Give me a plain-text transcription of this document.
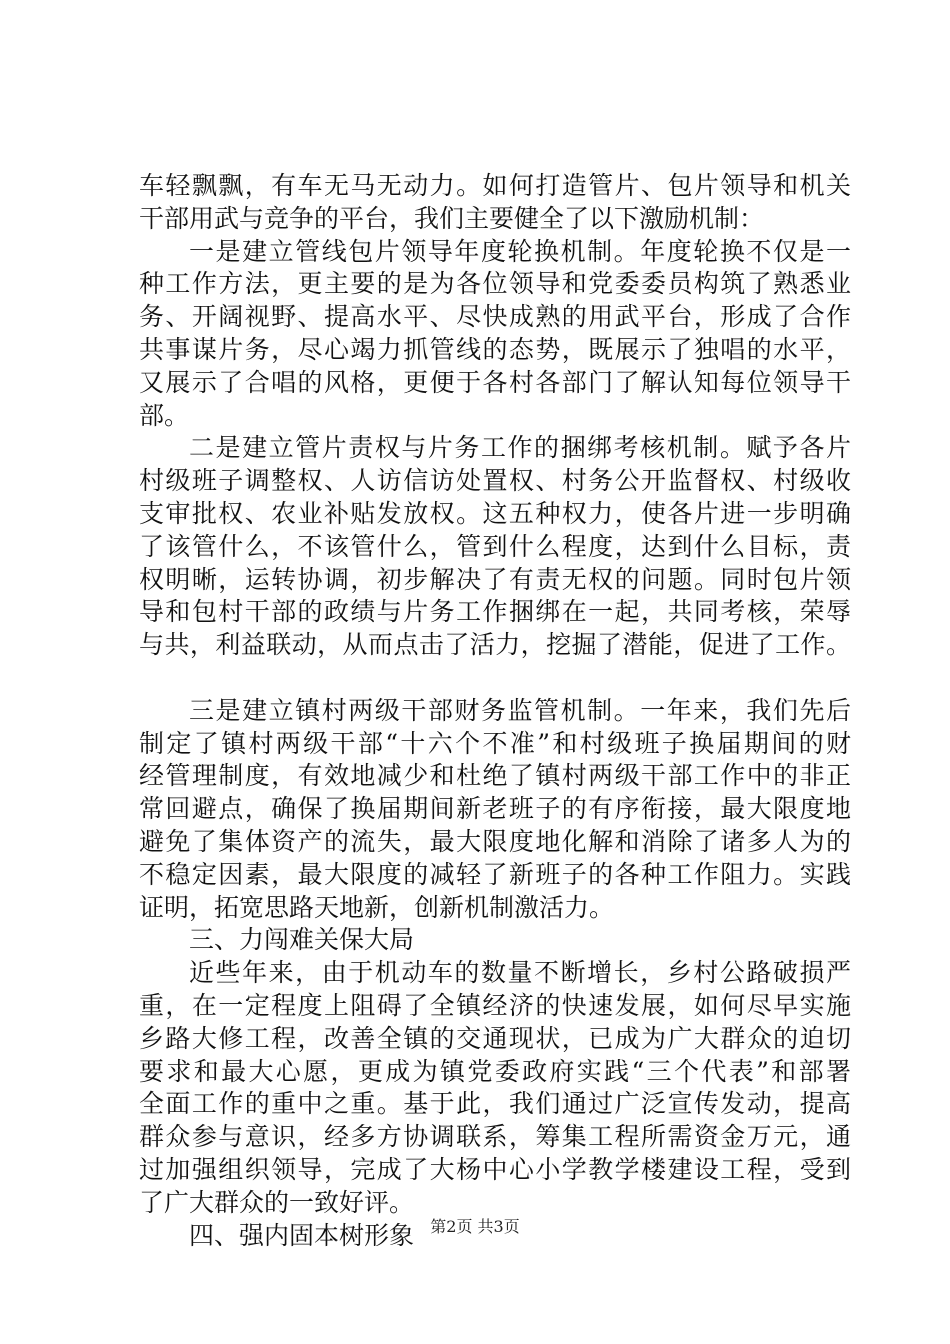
车轻飘飘，有车无马无动力。如何打造管片、包片领导和机关
干部用武与竞争的平台，我们主要健全了以下激励机制：
一是建立管线包片领导年度轮换机制。年度轮换不仅是一
种工作方法，更主要的是为各位领导和党委委员构筑了熟悉业
务、开阔视野、提高水平、尽快成熟的用武平台，形成了合作
共事谋片务，尽心竭力抓管线的态势，既展示了独唱的水平，
又展示了合唱的风格，更便于各村各部门了解认知每位领导干
部。
二是建立管片责权与片务工作的捆绑考核机制。赋予各片
村级班子调整权、人访信访处置权、村务公开监督权、村级收
支审批权、农业补贴发放权。这五种权力，使各片进一步明确
了该管什么，不该管什么，管到什么程度，达到什么目标，责
权明晰，运转协调，初步解决了有责无权的问题。同时包片领
导和包村干部的政绩与片务工作捆绑在一起，共同考核，荣辱
与共，利益联动，从而点击了活力，挖掘了潜能，促进了工作。
三是建立镇村两级干部财务监管机制。一年来，我们先后
制定了镇村两级干部“十六个不准”和村级班子换届期间的财
经管理制度，有效地减少和杜绝了镇村两级干部工作中的非正
常回避点，确保了换届期间新老班子的有序衔接，最大限度地
避免了集体资产的流失，最大限度地化解和消除了诸多人为的
不稳定因素，最大限度的减轻了新班子的各种工作阻力。实践
证明，拓宽思路天地新，创新机制激活力。
三、力闯难关保大局
近些年来，由于机动车的数量不断增长，乡村公路破损严
重，在一定程度上阻碍了全镇经济的快速发展，如何尽早实施
乡路大修工程，改善全镇的交通现状，已成为广大群众的迫切
要求和最大心愿，更成为镇党委政府实践“三个代表”和部署
全面工作的重中之重。基于此，我们通过广泛宣传发动，提高
群众参与意识，经多方协调联系，筹集工程所需资金万元，通
过加强组织领导，完成了大杨中心小学教学楼建设工程，受到
了广大群众的一致好评。
四、强内固本树形象	第2页 共3页
